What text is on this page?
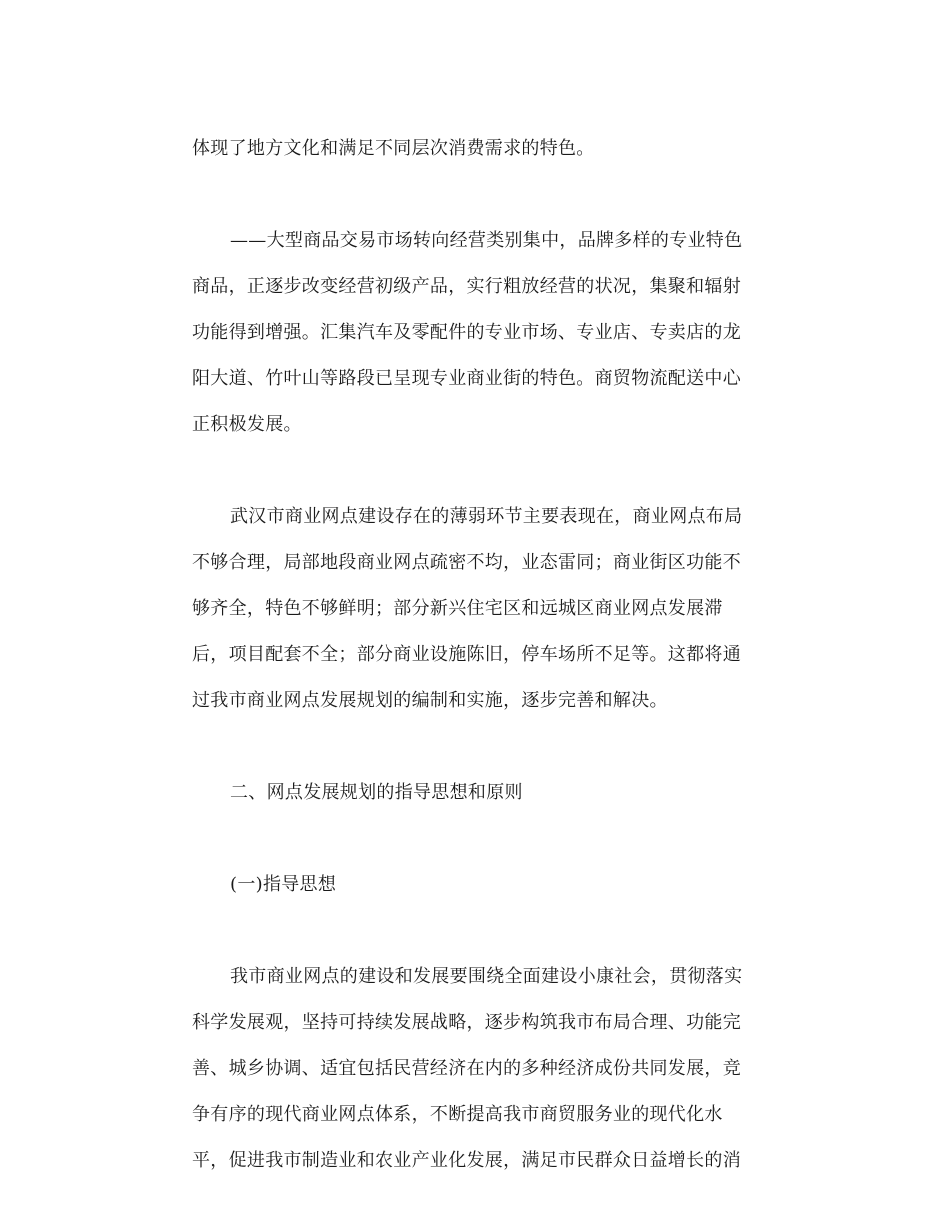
体现了地方文化和满足不同层次消费需求的特色。
——大型商品交易市场转向经营类别集中，品牌多样的专业特色
商品，正逐步改变经营初级产品，实行粗放经营的状况，集聚和辐射
功能得到增强。汇集汽车及零配件的专业市场、专业店、专卖店的龙
阳大道、竹叶山等路段已呈现专业商业街的特色。商贸物流配送中心
正积极发展。
武汉市商业网点建设存在的薄弱环节主要表现在，商业网点布局
不够合理，局部地段商业网点疏密不均，业态雷同；商业街区功能不
够齐全，特色不够鲜明；部分新兴住宅区和远城区商业网点发展滞
后，项目配套不全；部分商业设施陈旧，停车场所不足等。这都将通
过我市商业网点发展规划的编制和实施，逐步完善和解决。
二、网点发展规划的指导思想和原则
(一)指导思想
我市商业网点的建设和发展要围绕全面建设小康社会，贯彻落实
科学发展观，坚持可持续发展战略，逐步构筑我市布局合理、功能完
善、城乡协调、适宜包括民营经济在内的多种经济成份共同发展，竞
争有序的现代商业网点体系，不断提高我市商贸服务业的现代化水
平，促进我市制造业和农业产业化发展，满足市民群众日益增长的消
